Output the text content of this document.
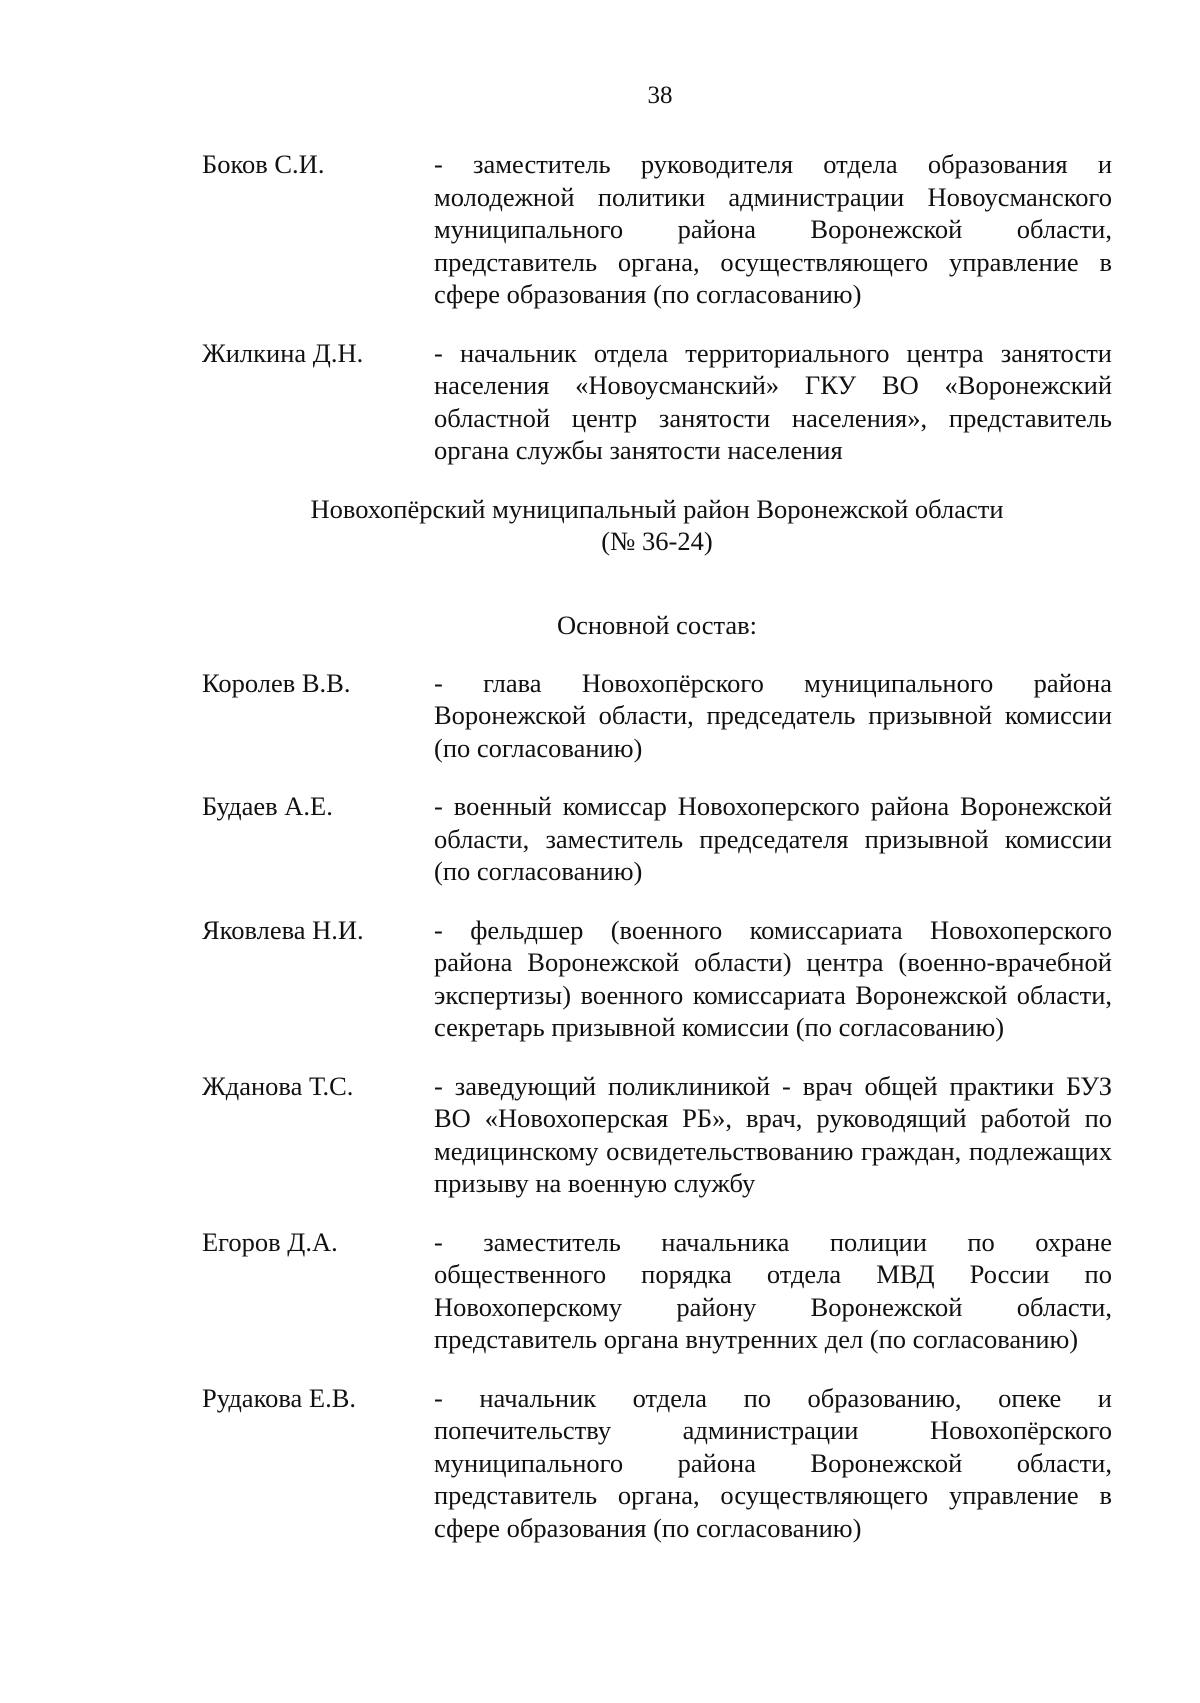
38
Боков С.И.	- заместитель руководителя отдела образования и молодежной политики администрации Новоусманского муниципального района Воронежской области, представитель органа, осуществляющего управление в сфере образования (по согласованию)
Жилкина Д.Н.	- начальник отдела территориального центра занятости населения «Новоусманский» ГКУ ВО «Воронежский областной центр занятости населения», представитель органа службы занятости населения
Новохопёрский муниципальный район Воронежской области
(№ 36-24)
Основной состав:
Королев В.В.	- глава Новохопёрского муниципального района Воронежской области, председатель призывной комиссии (по согласованию)
Будаев А.Е.	- военный комиссар Новохоперского района Воронежской области, заместитель председателя призывной комиссии (по согласованию)
Яковлева Н.И.	- фельдшер (военного комиссариата Новохоперского района Воронежской области) центра (военно-врачебной экспертизы) военного комиссариата Воронежской области, секретарь призывной комиссии (по согласованию)
Жданова Т.С.	- заведующий поликлиникой - врач общей практики БУЗ ВО «Новохоперская РБ», врач, руководящий работой по медицинскому освидетельствованию граждан, подлежащих призыву на военную службу
Егоров Д.А.	- заместитель начальника полиции по охране общественного порядка отдела МВД России по Новохоперскому району Воронежской области, представитель органа внутренних дел (по согласованию)
Рудакова Е.В.	- начальник отдела по образованию, опеке и попечительству администрации Новохопёрского муниципального района Воронежской области, представитель органа, осуществляющего управление в сфере образования (по согласованию)
